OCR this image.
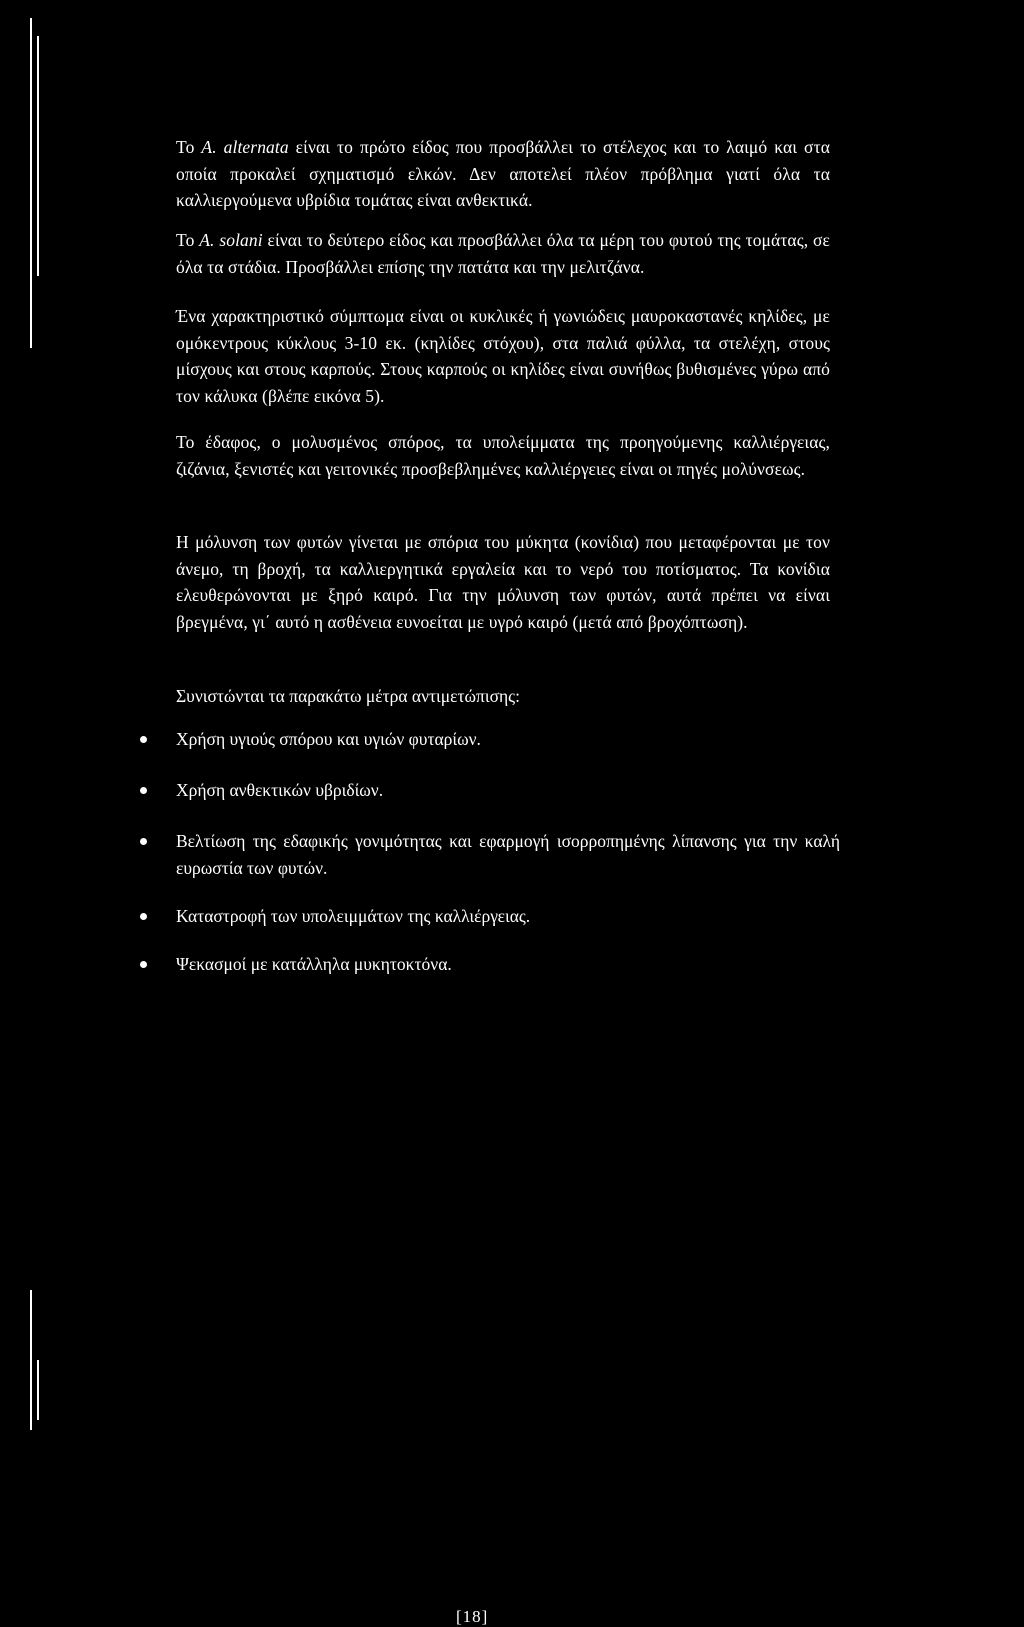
Το A. alternata είναι το πρώτο είδος που προσβάλλει το στέλεχος και το λαιμό και στα οποία προκαλεί σχηματισμό ελκών. Δεν αποτελεί πλέον πρόβλημα γιατί όλα τα καλλιεργούμενα υβρίδια τομάτας είναι ανθεκτικά.

Το A. solani είναι το δεύτερο είδος και προσβάλλει όλα τα μέρη του φυτού της τομάτας, σε όλα τα στάδια. Προσβάλλει επίσης την πατάτα και την μελιτζάνα.

Ένα χαρακτηριστικό σύμπτωμα είναι οι κυκλικές ή γωνιώδεις μαυροκαστανές κηλίδες, με ομόκεντρους κύκλους 3-10 εκ. (κηλίδες στόχου), στα παλιά φύλλα, τα στελέχη, στους μίσχους και στους καρπούς. Στους καρπούς οι κηλίδες είναι συνήθως βυθισμένες γύρω από τον κάλυκα (βλέπε εικόνα 5).

Το έδαφος, ο μολυσμένος σπόρος, τα υπολείμματα της προηγούμενης καλλιέργειας, ζιζάνια, ξενιστές και γειτονικές προσβεβλημένες καλλιέργειες είναι οι πηγές μολύνσεως.

Η μόλυνση των φυτών γίνεται με σπόρια του μύκητα (κονίδια) που μεταφέρονται με τον άνεμο, τη βροχή, τα καλλιεργητικά εργαλεία και το νερό του ποτίσματος. Τα κονίδια ελευθερώνονται με ξηρό καιρό. Για την μόλυνση των φυτών, αυτά πρέπει να είναι βρεγμένα, γι΄ αυτό η ασθένεια ευνοείται με υγρό καιρό (μετά από βροχόπτωση).

Συνιστώνται τα παρακάτω μέτρα αντιμετώπισης:

Χρήση υγιούς σπόρου και υγιών φυταρίων.
Χρήση ανθεκτικών υβριδίων.
Βελτίωση της εδαφικής γονιμότητας και εφαρμογή ισορροπημένης λίπανσης για την καλή ευρωστία των φυτών.
Καταστροφή των υπολειμμάτων της καλλιέργειας.
Ψεκασμοί με κατάλληλα μυκητοκτόνα.
[18]
